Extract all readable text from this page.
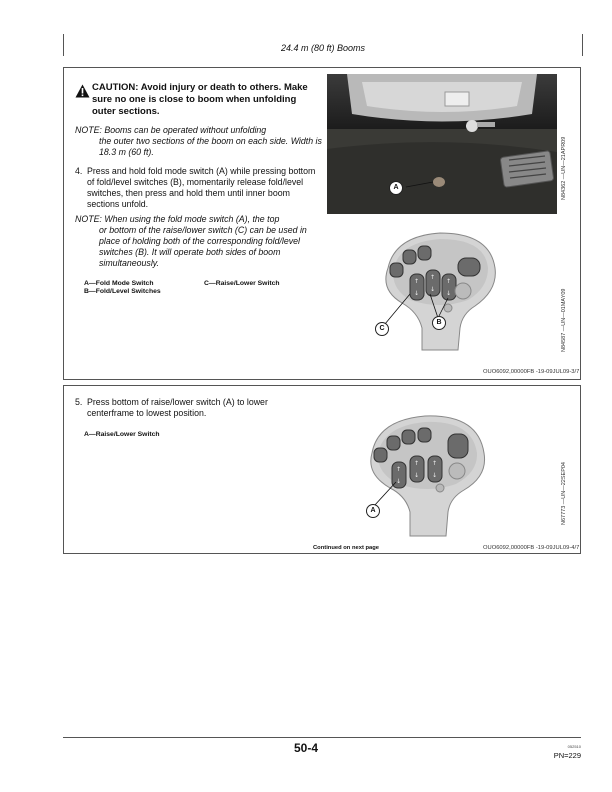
24.4 m (80 ft) Booms
CAUTION: Avoid injury or death to others. Make sure no one is close to boom when unfolding outer sections.
NOTE: Booms can be operated without unfolding
the outer two sections of the boom on each side. Width is 18.3 m (60 ft).
4. Press and hold fold mode switch (A) while pressing bottom of fold/level switches (B), momentarily release fold/level switches, then press and hold them until inner boom sections unfold.
NOTE: When using the fold mode switch (A), the top
or bottom of the raise/lower switch (C) can be used in place of holding both of the corresponding fold/level switches (B). It will operate both sides of boom simultaneously.
A—Fold Mode Switch
B—Fold/Level Switches
C—Raise/Lower Switch
A	N84362 —UN—21APR09
↑
↓
↑
↓
↑
↓
C
B	N84587 —UN—01MAY09
OUO6092,00000FB -19-09JUL09-3/7
5. Press bottom of raise/lower switch (A) to lower centerframe to lowest position.
A—Raise/Lower Switch
↑
↓
↑
↓
↑
↓
A	N67773 —UN—22SEP04
Continued on next page	OUO6092,00000FB -19-09JUL09-4/7
50-4	052510
PN=229
